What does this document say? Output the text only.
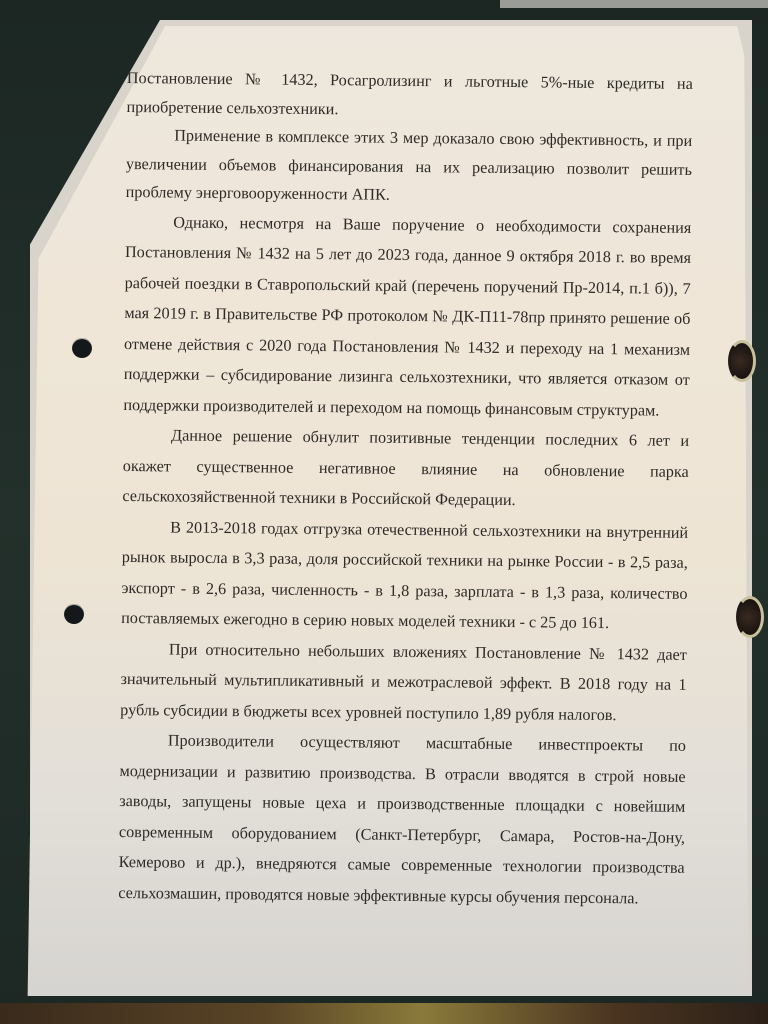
Постановление № 1432, Росагролизинг и льготные 5%-ные кредиты на приобретение сельхозтехники.

Применение в комплексе этих 3 мер доказало свою эффективность, и при увеличении объемов финансирования на их реализацию позволит решить проблему энерговооруженности АПК.

Однако, несмотря на Ваше поручение о необходимости сохранения Постановления № 1432 на 5 лет до 2023 года, данное 9 октября 2018 г. во время рабочей поездки в Ставропольский край (перечень поручений Пр-2014, п.1 б)), 7 мая 2019 г. в Правительстве РФ протоколом № ДК-П11-78пр принято решение об отмене действия с 2020 года Постановления № 1432 и переходу на 1 механизм поддержки – субсидирование лизинга сельхозтехники, что является отказом от поддержки производителей и переходом на помощь финансовым структурам.

Данное решение обнулит позитивные тенденции последних 6 лет и окажет существенное негативное влияние на обновление парка сельскохозяйственной техники в Российской Федерации.

В 2013-2018 годах отгрузка отечественной сельхозтехники на внутренний рынок выросла в 3,3 раза, доля российской техники на рынке России - в 2,5 раза, экспорт - в 2,6 раза, численность - в 1,8 раза, зарплата - в 1,3 раза, количество поставляемых ежегодно в серию новых моделей техники - с 25 до 161.

При относительно небольших вложениях Постановление № 1432 дает значительный мультипликативный и межотраслевой эффект. В 2018 году на 1 рубль субсидии в бюджеты всех уровней поступило 1,89 рубля налогов.

Производители осуществляют масштабные инвестпроекты по модернизации и развитию производства. В отрасли вводятся в строй новые заводы, запущены новые цеха и производственные площадки с новейшим современным оборудованием (Санкт-Петербург, Самара, Ростов-на-Дону, Кемерово и др.), внедряются самые современные технологии производства сельхозмашин, проводятся новые эффективные курсы обучения персонала.
